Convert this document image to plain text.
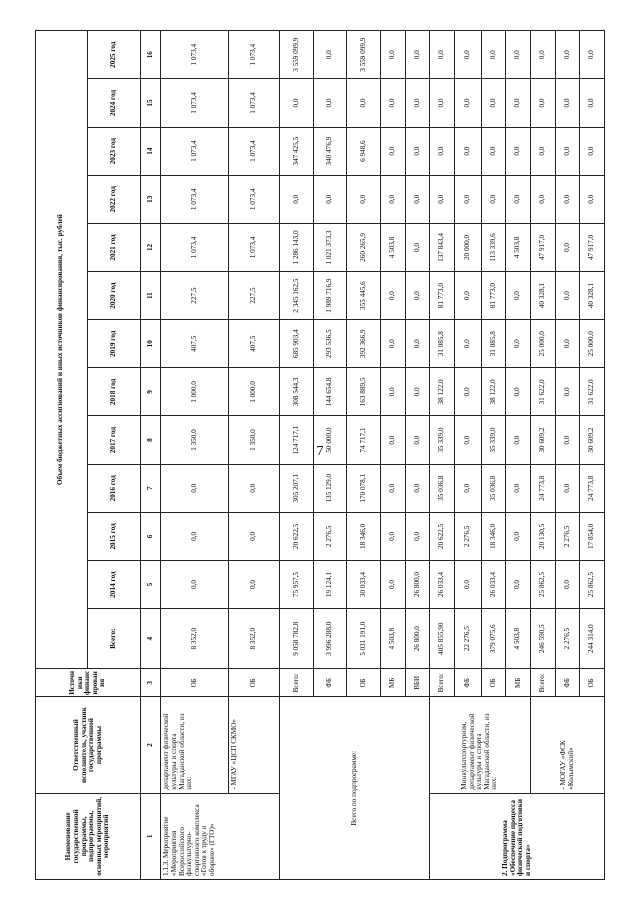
7
Наименование государственной программы, подпрограммы, основных мероприятий, мероприятий	Ответственный исполнитель, участник государственной программы	Источники финансирования	Объем бюджетных ассигнований и иных источников финансирования, тыс. рублей												
			Всего:	2014 год	2015 год	2016 год	2017 год	2018 год	2019 год	2020 год	2021 год	2022 год	2023 год	2024 год	2025 год
1	2	3	4	5	6	7	8	9	10	11	12	13	14	15	16
1.1.3. Мероприятие «Мероприятия Всероссийского физкультурно-спортивного комплекса «Готов к труду и обороне» (ГТО)»	департамент физической культуры и спорта Магаданской области, из них:	ОБ	8 352,0	0,0	0,0	0,0	1 350,0	1 000,0	407,5	227,5	1 073,4	1 073,4	1 073,4	1 073,4	1 073,4
	- МГАУ «ЦСП СКМО»	ОБ	8 352,0	0,0	0,0	0,0	1 350,0	1 000,0	407,5	227,5	1 073,4	1 073,4	1 073,4	1 073,4	1 073,4
Всего по подпрограмме:		Всего:	9 058 782,8	75 957,5	20 622,5	305 207,1	124 717,1	308 544,3	685 903,4	2 345 162,5	1 286 143,0	0,0	347 425,5	0,0	3 559 099,9
		ФБ	3 996 288,0	19 124,1	2 276,5	135 129,0	50 000,0	144 654,8	293 536,5	1 989 716,9	1 021 373,3	0,0	340 476,9	0,0	0,0
		ОБ	5 031 191,0	30 033,4	18 346,0	170 078,1	74 717,1	163 889,5	392 366,9	355 445,6	260 265,9	0,0	6 948,6	0,0	3 559 099,9
		МБ	4 503,8	0,0	0,0	0,0	0,0	0,0	0,0	0,0	4 503,8	0,0	0,0	0,0	0,0
		ВБИ	26 800,0	26 800,0	0,0	0,0	0,0	0,0	0,0	0,0	0,0	0,0	0,0	0,0	0,0
2. Подпрограмма «Обеспечение процесса физической подготовки и спорта»	Минкультспортуризм, департамент физической культуры и спорта Магаданской области, из них:	Всего:	405 855,90	26 033,4	20 622,5	35 036,8	35 339,0	38 122,0	31 085,8	81 773,0	137 843,4	0,0	0,0	0,0	0,0
		ФБ	22 276,5	0,0	2 276,5	0,0	0,0	0,0	0,0	0,0	20 000,0	0,0	0,0	0,0	0,0
		ОБ	379 075,6	26 033,4	18 346,0	35 036,8	35 339,0	38 122,0	31 085,8	81 773,0	113 339,6	0,0	0,0	0,0	0,0
		МБ	4 503,8	0,0	0,0	0,0	0,0	0,0	0,0	0,0	4 503,8	0,0	0,0	0,0	0,0
	- МОГАУ «ФСК «Колымский»	Всего:	246 590,5	25 862,5	20 130,5	24 773,8	30 609,2	31 622,0	25 000,0	40 328,1	47 917,0	0,0	0,0	0,0	0,0
		ФБ	2 276,5	0,0	2 276,5	0,0	0,0	0,0	0,0	0,0	0,0	0,0	0,0	0,0	0,0
		ОБ	244 314,0	25 862,5	17 854,0	24 773,8	30 609,2	31 622,0	25 000,0	40 328,1	47 917,0	0,0	0,0	0,0	0,0
